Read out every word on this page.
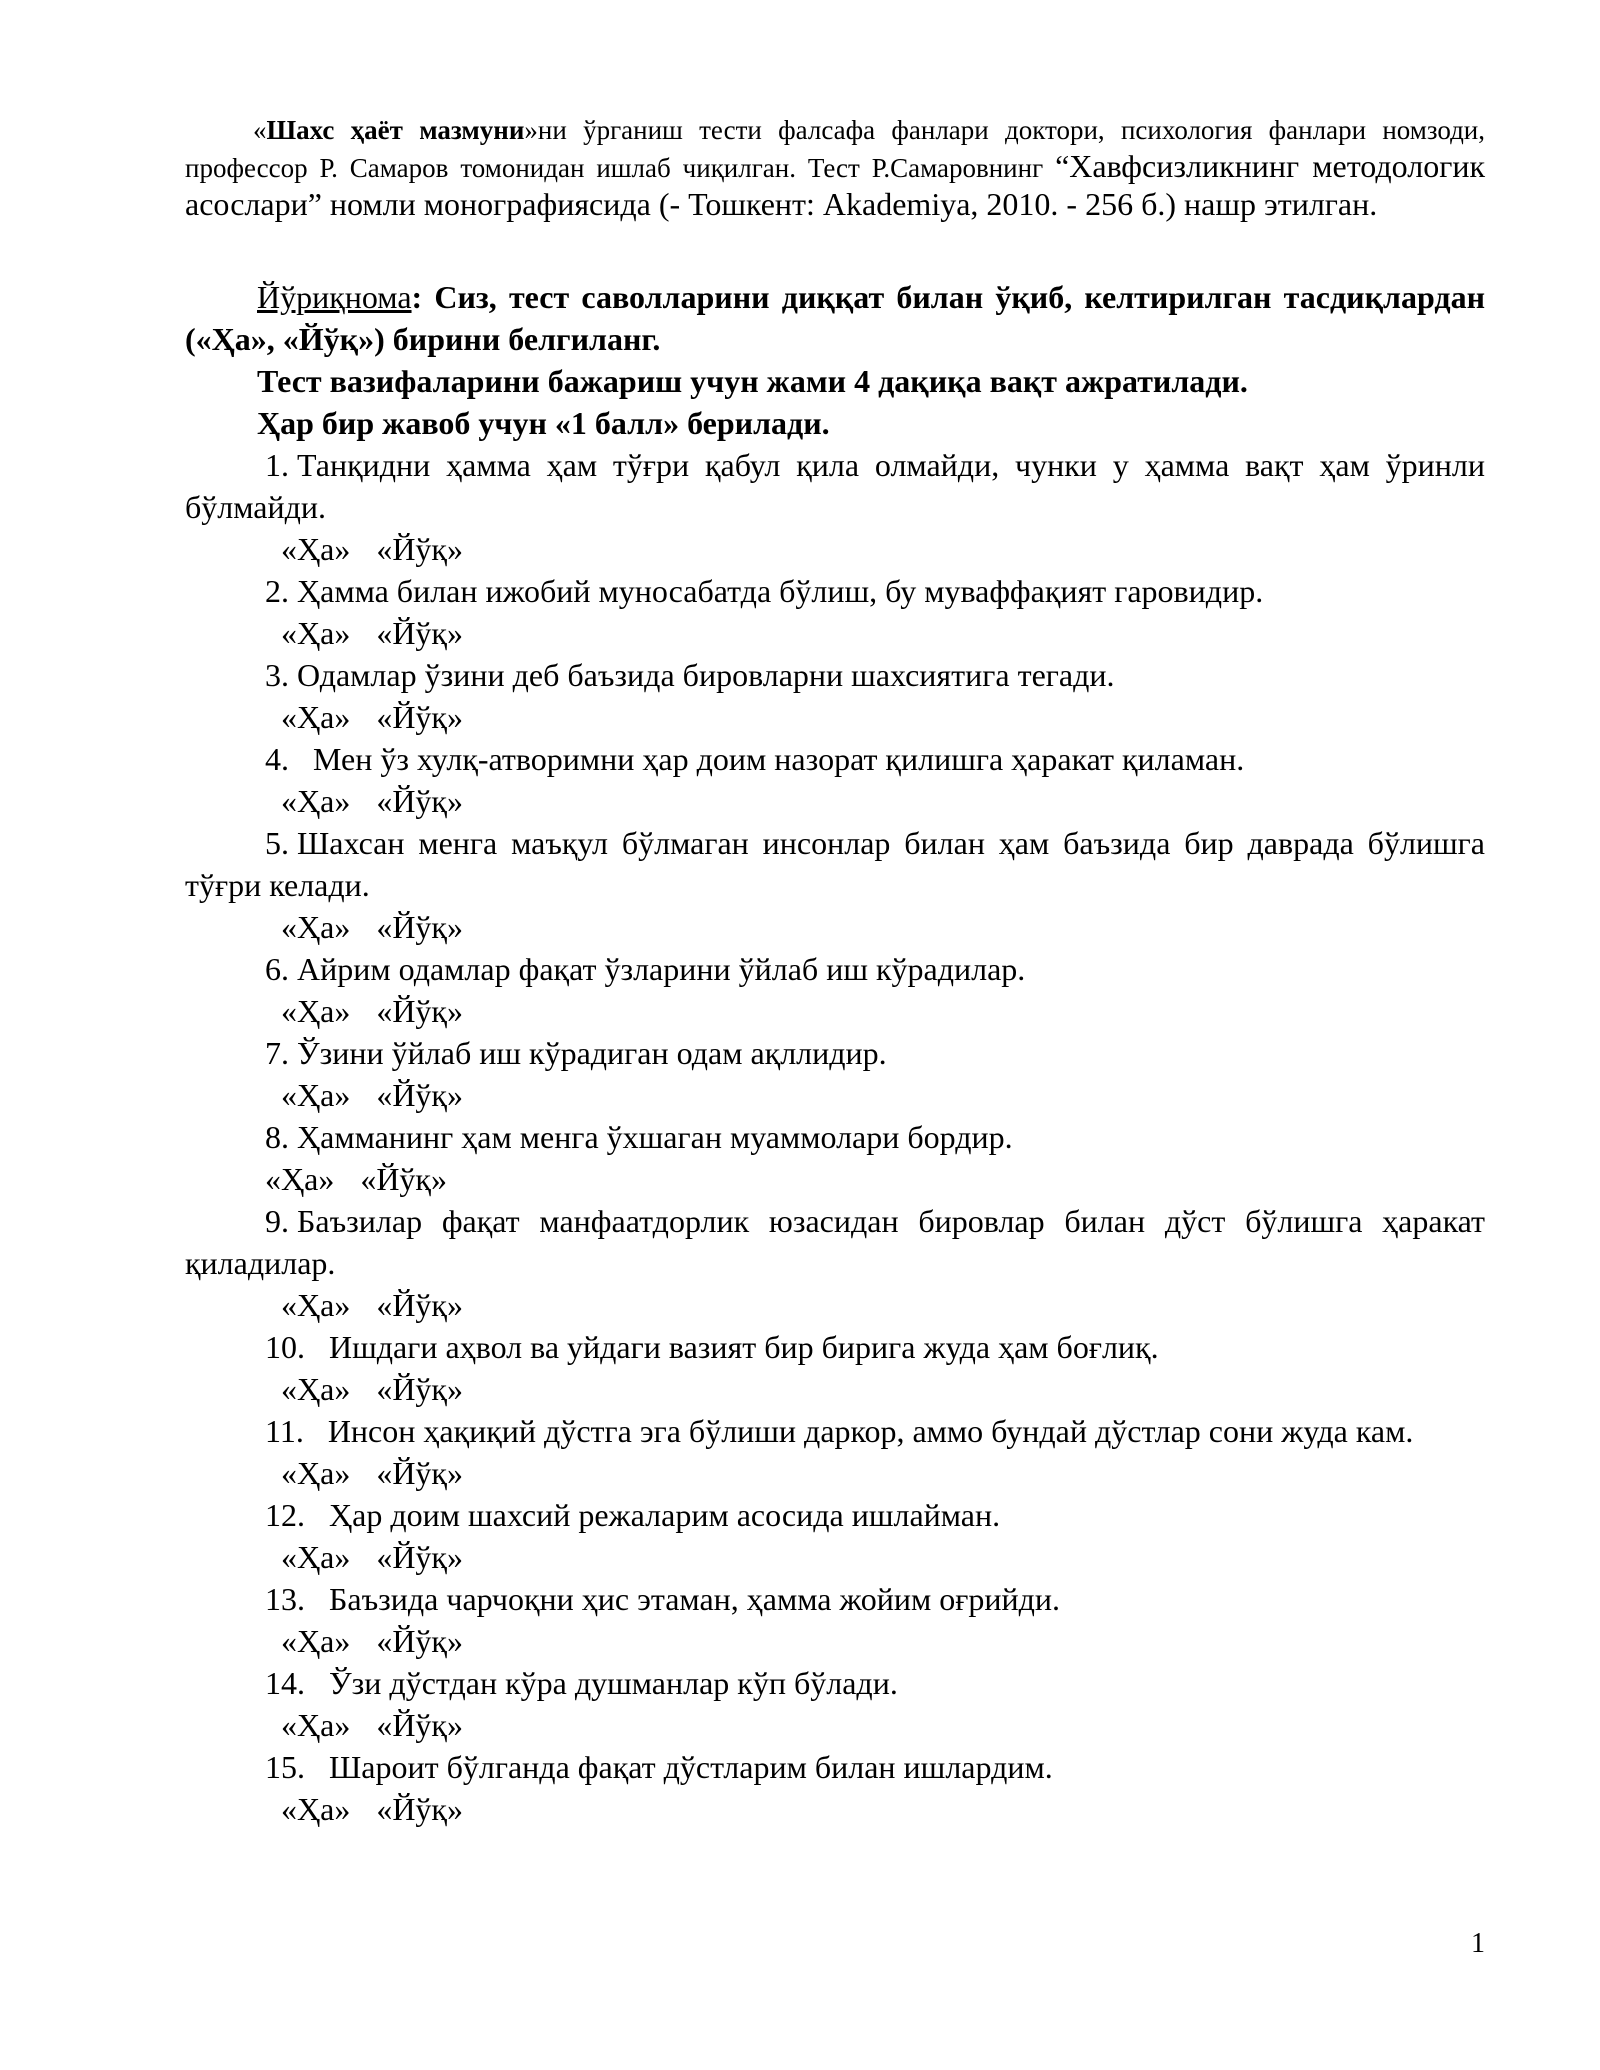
«Шахс ҳаёт мазмуни»ни ўрганиш тести фалсафа фанлари доктори, психология фанлари номзоди, профессор Р. Самаров томонидан ишлаб чиқилган. Тест Р.Самаровнинг “Хавфсизликнинг методологик асослари” номли монографиясида (- Тошкент: Akademiya, 2010. - 256 б.) нашр этилган.

Йўриқнома: Сиз, тест саволларини диққат билан ўқиб, келтирилган тасдиқлардан («Ҳа», «Йўқ») бирини белгиланг.

Тест вазифаларини бажариш учун жами 4 дақиқа вақт ажратилади.

Ҳар бир жавоб учун «1 балл» берилади.

1. Танқидни ҳамма ҳам тўғри қабул қила олмайди, чунки у ҳамма вақт ҳам ўринли бўлмайди.

«Ҳа» «Йўқ»

2. Ҳамма билан ижобий муносабатда бўлиш, бу муваффақият гаровидир.

«Ҳа» «Йўқ»

3. Одамлар ўзини деб баъзида бировларни шахсиятига тегади.

«Ҳа» «Йўқ»

4.  Мен ўз хулқ-атворимни ҳар доим назорат қилишга ҳаракат қиламан.

«Ҳа» «Йўқ»

5. Шахсан менга маъқул бўлмаган инсонлар билан ҳам баъзида бир даврада бўлишга тўғри келади.

«Ҳа» «Йўқ»

6. Айрим одамлар фақат ўзларини ўйлаб иш кўрадилар.

«Ҳа» «Йўқ»

7. Ўзини ўйлаб иш кўрадиган одам ақллидир.

«Ҳа» «Йўқ»

8. Ҳамманинг ҳам менга ўхшаган муаммолари бордир.

«Ҳа» «Йўқ»

9. Баъзилар фақат манфаатдорлик юзасидан бировлар билан дўст бўлишга ҳаракат қиладилар.

«Ҳа» «Йўқ»

10.  Ишдаги аҳвол ва уйдаги вазият бир бирига жуда ҳам боғлиқ.

«Ҳа» «Йўқ»

11.  Инсон ҳақиқий дўстга эга бўлиши даркор, аммо бундай дўстлар сони жуда кам.

«Ҳа» «Йўқ»

12.  Ҳар доим шахсий режаларим асосида ишлайман.

«Ҳа» «Йўқ»

13.  Баъзида чарчоқни ҳис этаман, ҳамма жойим оғрийди.

«Ҳа» «Йўқ»

14.  Ўзи дўстдан кўра душманлар кўп бўлади.

«Ҳа» «Йўқ»

15.  Шароит бўлганда фақат дўстларим билан ишлардим.

«Ҳа» «Йўқ»

1
